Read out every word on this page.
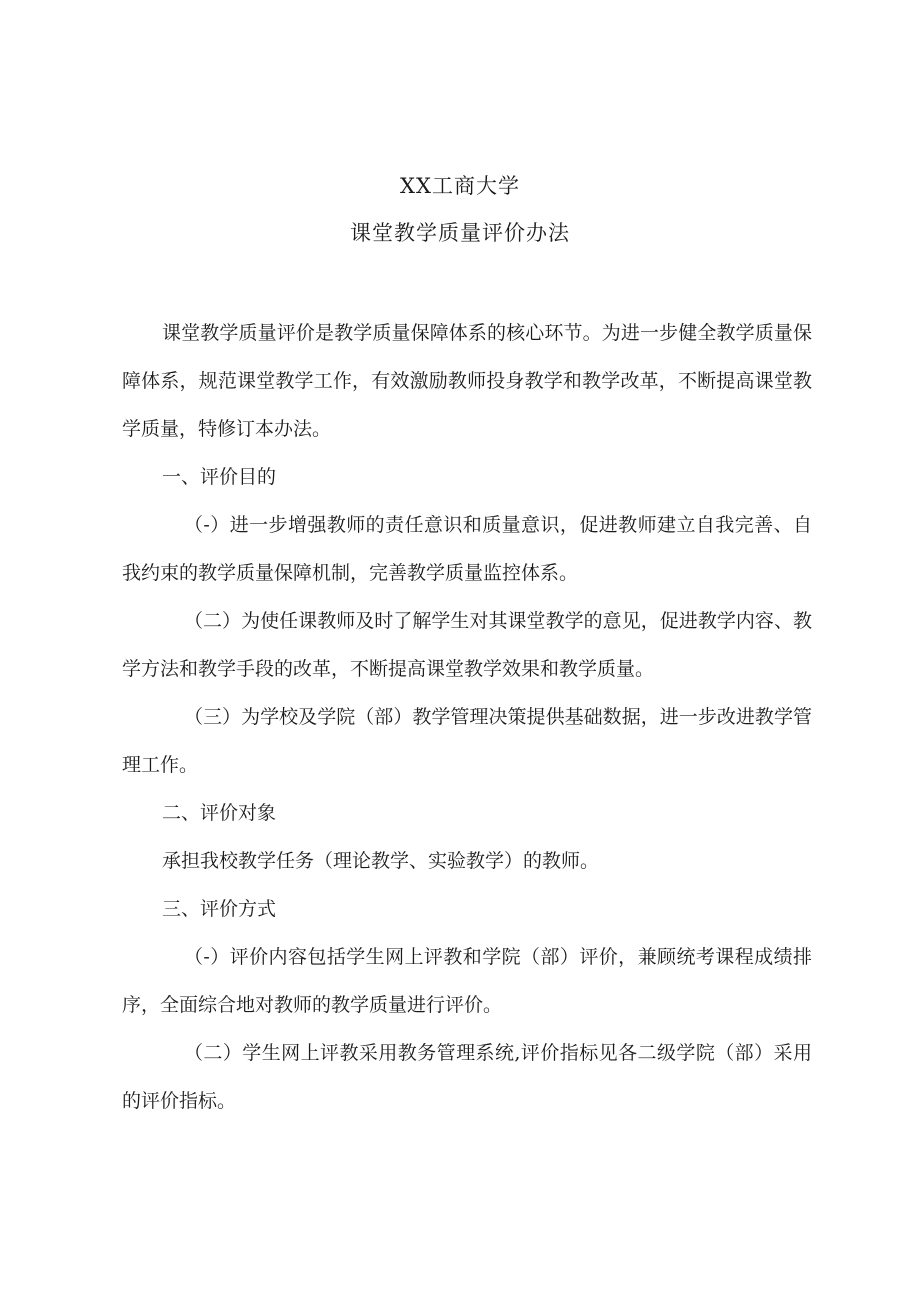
XX工商大学
课堂教学质量评价办法

课堂教学质量评价是教学质量保障体系的核心环节。为进一步健全教学质量保障体系，规范课堂教学工作，有效激励教师投身教学和教学改革，不断提高课堂教学质量，特修订本办法。

一、评价目的

（-）进一步增强教师的责任意识和质量意识，促进教师建立自我完善、自我约束的教学质量保障机制，完善教学质量监控体系。

（二）为使任课教师及时了解学生对其课堂教学的意见，促进教学内容、教学方法和教学手段的改革，不断提高课堂教学效果和教学质量。

（三）为学校及学院（部）教学管理决策提供基础数据，进一步改进教学管理工作。

二、评价对象

承担我校教学任务（理论教学、实验教学）的教师。

三、评价方式

（-）评价内容包括学生网上评教和学院（部）评价，兼顾统考课程成绩排序，全面综合地对教师的教学质量进行评价。

（二）学生网上评教采用教务管理系统,评价指标见各二级学院（部）采用的评价指标。
